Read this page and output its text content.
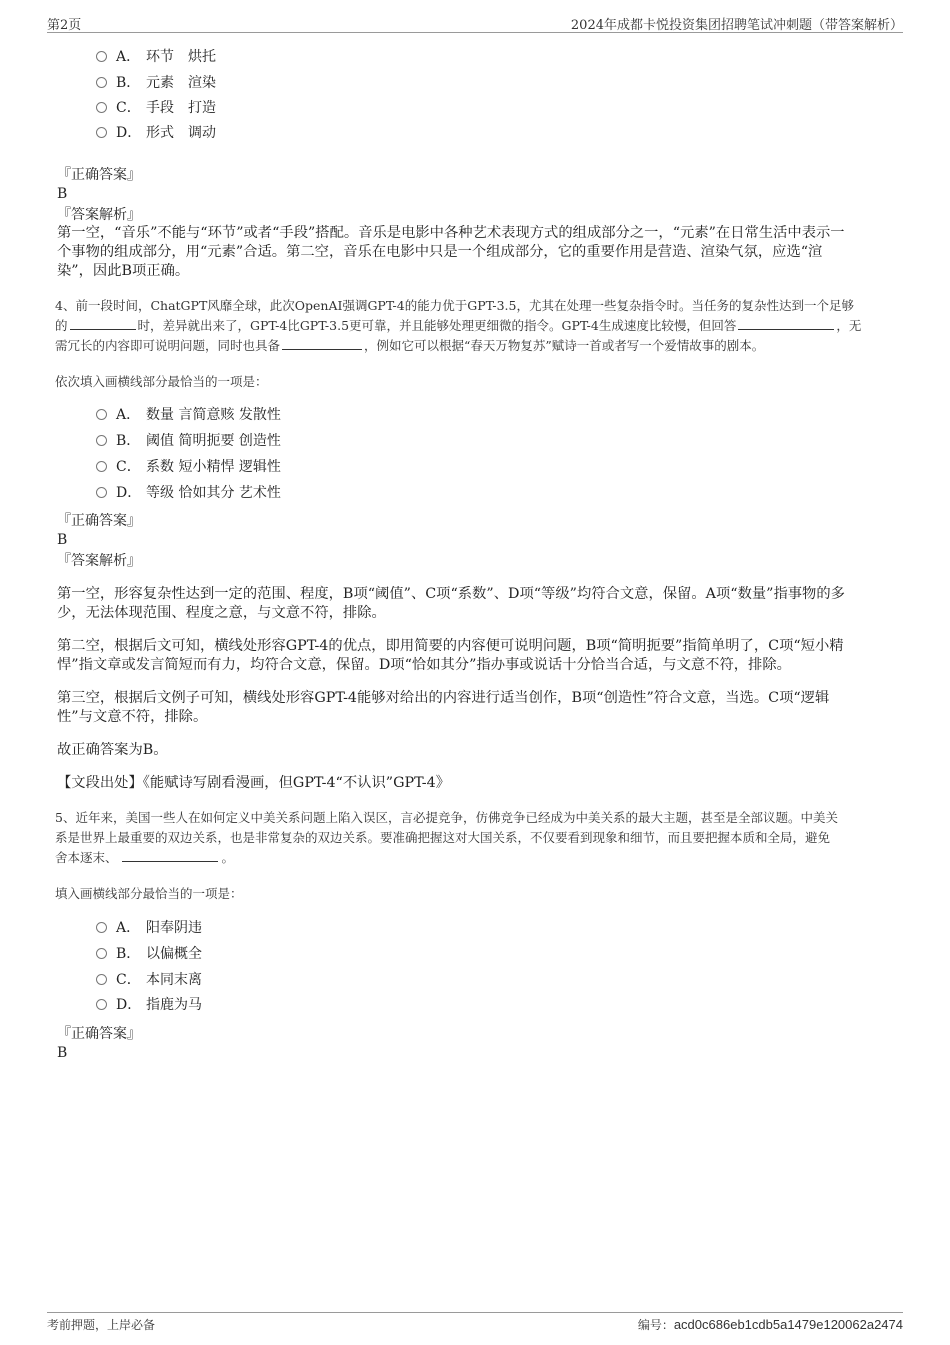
第2页	2024年成都卡悦投资集团招聘笔试冲刺题（带答案解析）
A． 环节　烘托
B． 元素　渲染
C． 手段　打造
D． 形式　调动
『正确答案』
B
『答案解析』
第一空，“音乐”不能与“环节”或者“手段”搭配。音乐是电影中各种艺术表现方式的组成部分之一，“元素”在日常生活中表示一
个事物的组成部分，用“元素”合适。第二空，音乐在电影中只是一个组成部分，它的重要作用是营造、渲染气氛，应选“渲
染”，因此B项正确。
4、前一段时间，ChatGPT风靡全球，此次OpenAI强调GPT-4的能力优于GPT-3.5，尤其在处理一些复杂指令时。当任务的复杂性达到一个足够
的	时，差异就出来了，GPT-4比GPT-3.5更可靠，并且能够处理更细微的指令。GPT-4生成速度比较慢，但回答	，无
需冗长的内容即可说明问题，同时也具备	，例如它可以根据“春天万物复苏”赋诗一首或者写一个爱情故事的剧本。
依次填入画横线部分最恰当的一项是：
A． 数量 言简意赅 发散性
B． 阈值 简明扼要 创造性
C． 系数 短小精悍 逻辑性
D． 等级 恰如其分 艺术性
『正确答案』
B
『答案解析』
第一空，形容复杂性达到一定的范围、程度，B项“阈值”、C项“系数”、D项“等级”均符合文意，保留。A项“数量”指事物的多
少，无法体现范围、程度之意，与文意不符，排除。
第二空，根据后文可知，横线处形容GPT-4的优点，即用简要的内容便可说明问题，B项“简明扼要”指简单明了，C项“短小精
悍”指文章或发言简短而有力，均符合文意，保留。D项“恰如其分”指办事或说话十分恰当合适，与文意不符，排除。
第三空，根据后文例子可知，横线处形容GPT-4能够对给出的内容进行适当创作，B项“创造性”符合文意，当选。C项“逻辑
性”与文意不符，排除。
故正确答案为B。
【文段出处】《能赋诗写剧看漫画，但GPT-4“不认识”GPT-4》
5、近年来，美国一些人在如何定义中美关系问题上陷入误区，言必提竞争，仿佛竞争已经成为中美关系的最大主题，甚至是全部议题。中美关
系是世界上最重要的双边关系，也是非常复杂的双边关系。要准确把握这对大国关系，不仅要看到现象和细节，而且要把握本质和全局，避免
舍本逐末、	。
填入画横线部分最恰当的一项是：
A． 阳奉阴违
B． 以偏概全
C． 本同末离
D． 指鹿为马
『正确答案』
B
考前押题，上岸必备	编号：acd0c686eb1cdb5a1479e120062a2474
